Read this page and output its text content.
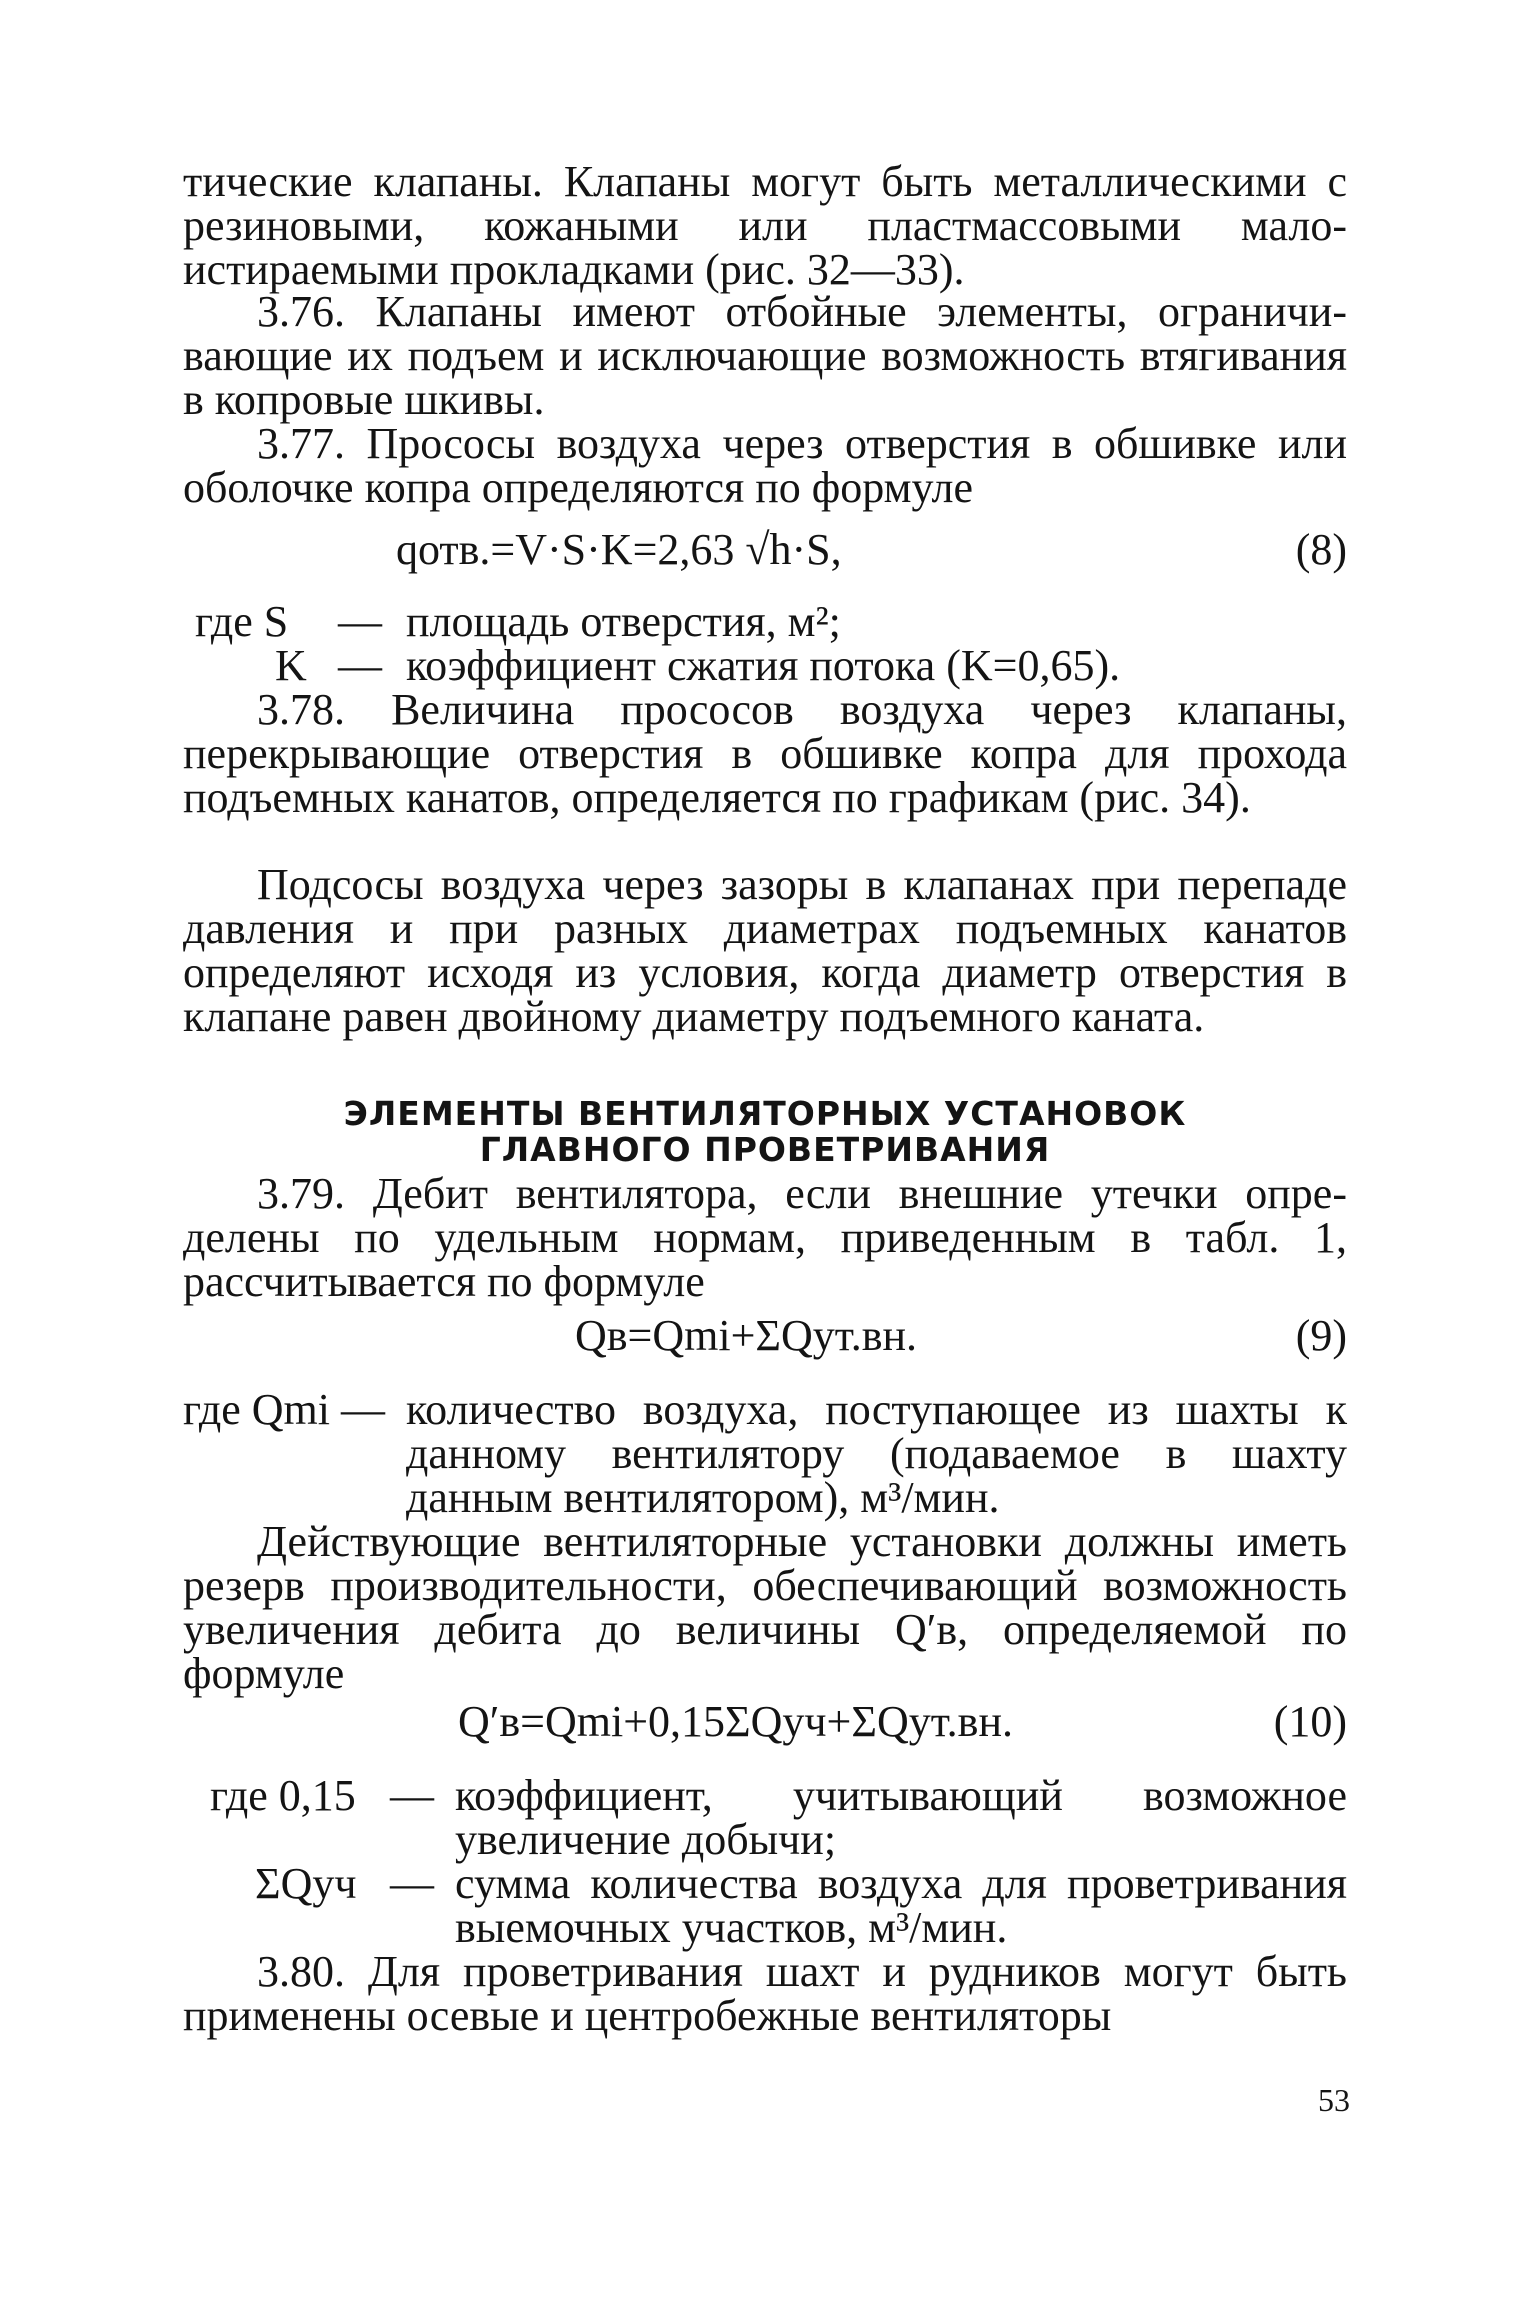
тические клапаны. Клапаны могут быть металлическими с резиновыми, кожаными или пластмассовыми малоистираемыми прокладками (рис. 32—33).

3.76. Клапаны имеют отбойные элементы, ограничивающие их подъем и исключающие возможность втягивания в копровые шкивы.

3.77. Прососы воздуха через отверстия в обшивке или оболочке копра определяются по формуле

qотв.=V·S·K=2,63 √h·S,	(8)
где S — площадь отверстия, м²;
K — коэффициент сжатия потока (K=0,65).

3.78. Величина прососов воздуха через клапаны, перекрывающие отверстия в обшивке копра для прохода подъемных канатов, определяется по графикам (рис. 34).

Подсосы воздуха через зазоры в клапанах при перепаде давления и при разных диаметрах подъемных канатов определяют исходя из условия, когда диаметр отверстия в клапане равен двойному диаметру подъемного каната.

ЭЛЕМЕНТЫ ВЕНТИЛЯТОРНЫХ УСТАНОВОК
ГЛАВНОГО ПРОВЕТРИВАНИЯ

3.79. Дебит вентилятора, если внешние утечки определены по удельным нормам, приведенным в табл. 1, рассчитывается по формуле

Qв=Qmi+ΣQут.вн.	(9)
где Qmi — количество воздуха, поступающее из шахты к данному вентилятору (подаваемое в шахту данным вентилятором), м³/мин.

Действующие вентиляторные установки должны иметь резерв производительности, обеспечивающий возможность увеличения дебита до величины Q′в, определяемой по формуле

Q′в=Qmi+0,15ΣQуч+ΣQут.вн.	(10)
где 0,15 — коэффициент, учитывающий возможное увеличение добычи;
ΣQуч — сумма количества воздуха для проветривания выемочных участков, м³/мин.

3.80. Для проветривания шахт и рудников могут быть применены осевые и центробежные вентиляторы

53
